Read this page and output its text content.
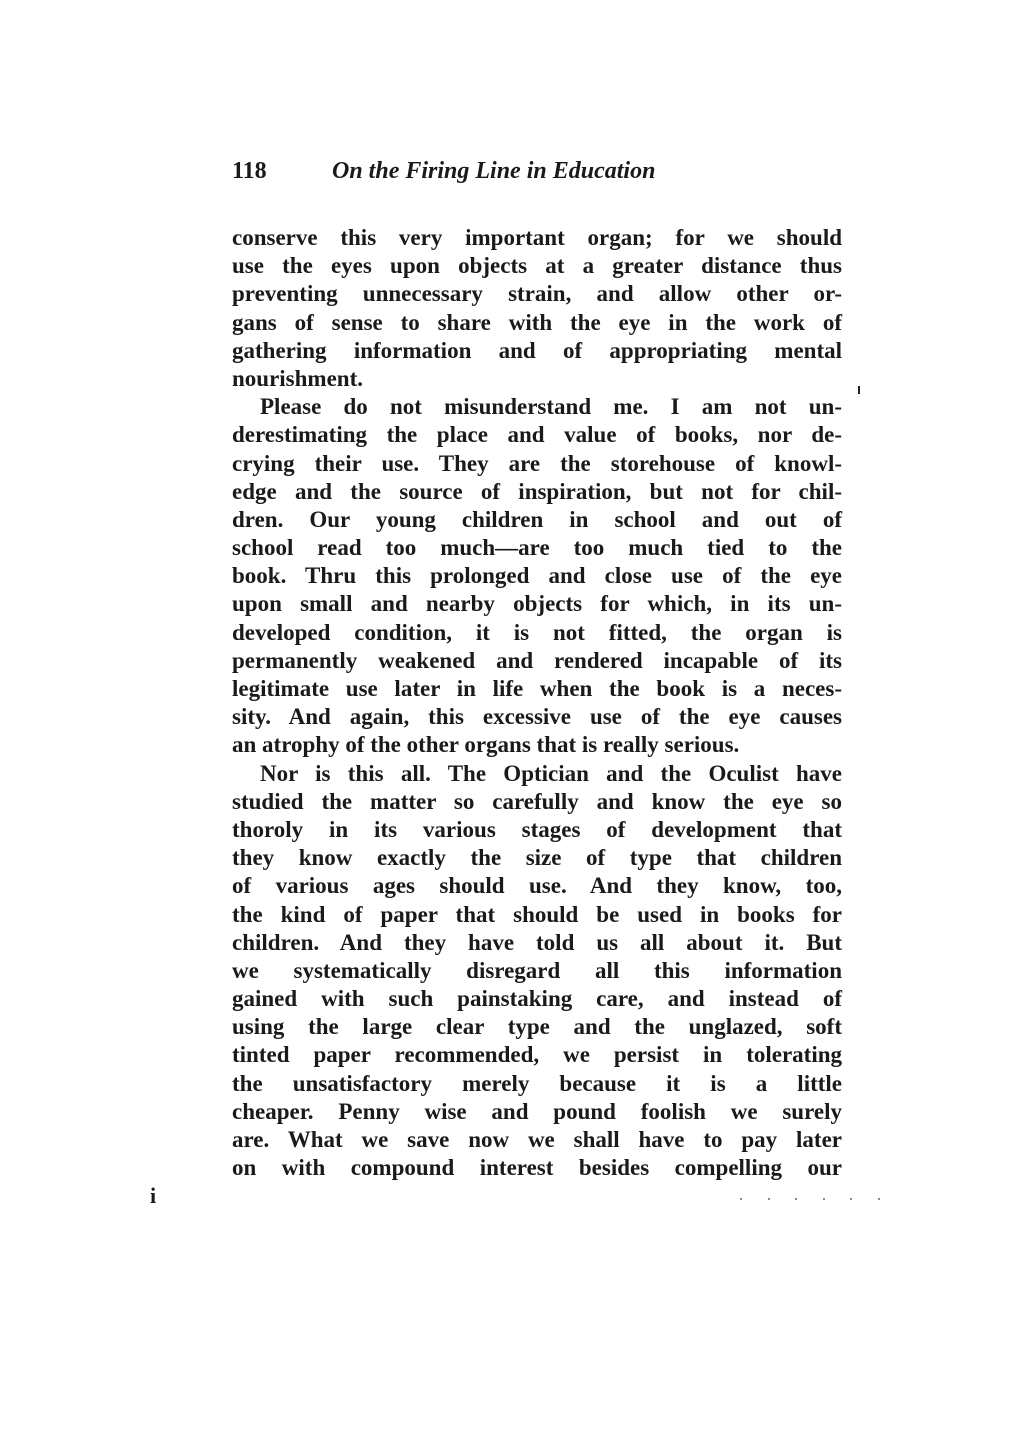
118	On the Firing Line in Education
conserve this very important organ; for we should
use the eyes upon objects at a greater distance thus
preventing unnecessary strain, and allow other or-
gans of sense to share with the eye in the work of
gathering information and of appropriating mental
nourishment.
Please do not misunderstand me. I am not un-
derestimating the place and value of books, nor de-
crying their use. They are the storehouse of knowl-
edge and the source of inspiration, but not for chil-
dren. Our young children in school and out of
school read too much—are too much tied to the
book. Thru this prolonged and close use of the eye
upon small and nearby objects for which, in its un-
developed condition, it is not fitted, the organ is
permanently weakened and rendered incapable of its
legitimate use later in life when the book is a neces-
sity. And again, this excessive use of the eye causes
an atrophy of the other organs that is really serious.
Nor is this all. The Optician and the Oculist have
studied the matter so carefully and know the eye so
thoroly in its various stages of development that
they know exactly the size of type that children
of various ages should use. And they know, too,
the kind of paper that should be used in books for
children. And they have told us all about it. But
we systematically disregard all this information
gained with such painstaking care, and instead of
using the large clear type and the unglazed, soft
tinted paper recommended, we persist in tolerating
the unsatisfactory merely because it is a little
cheaper. Penny wise and pound foolish we surely
are. What we save now we shall have to pay later
on with compound interest besides compelling our
i
